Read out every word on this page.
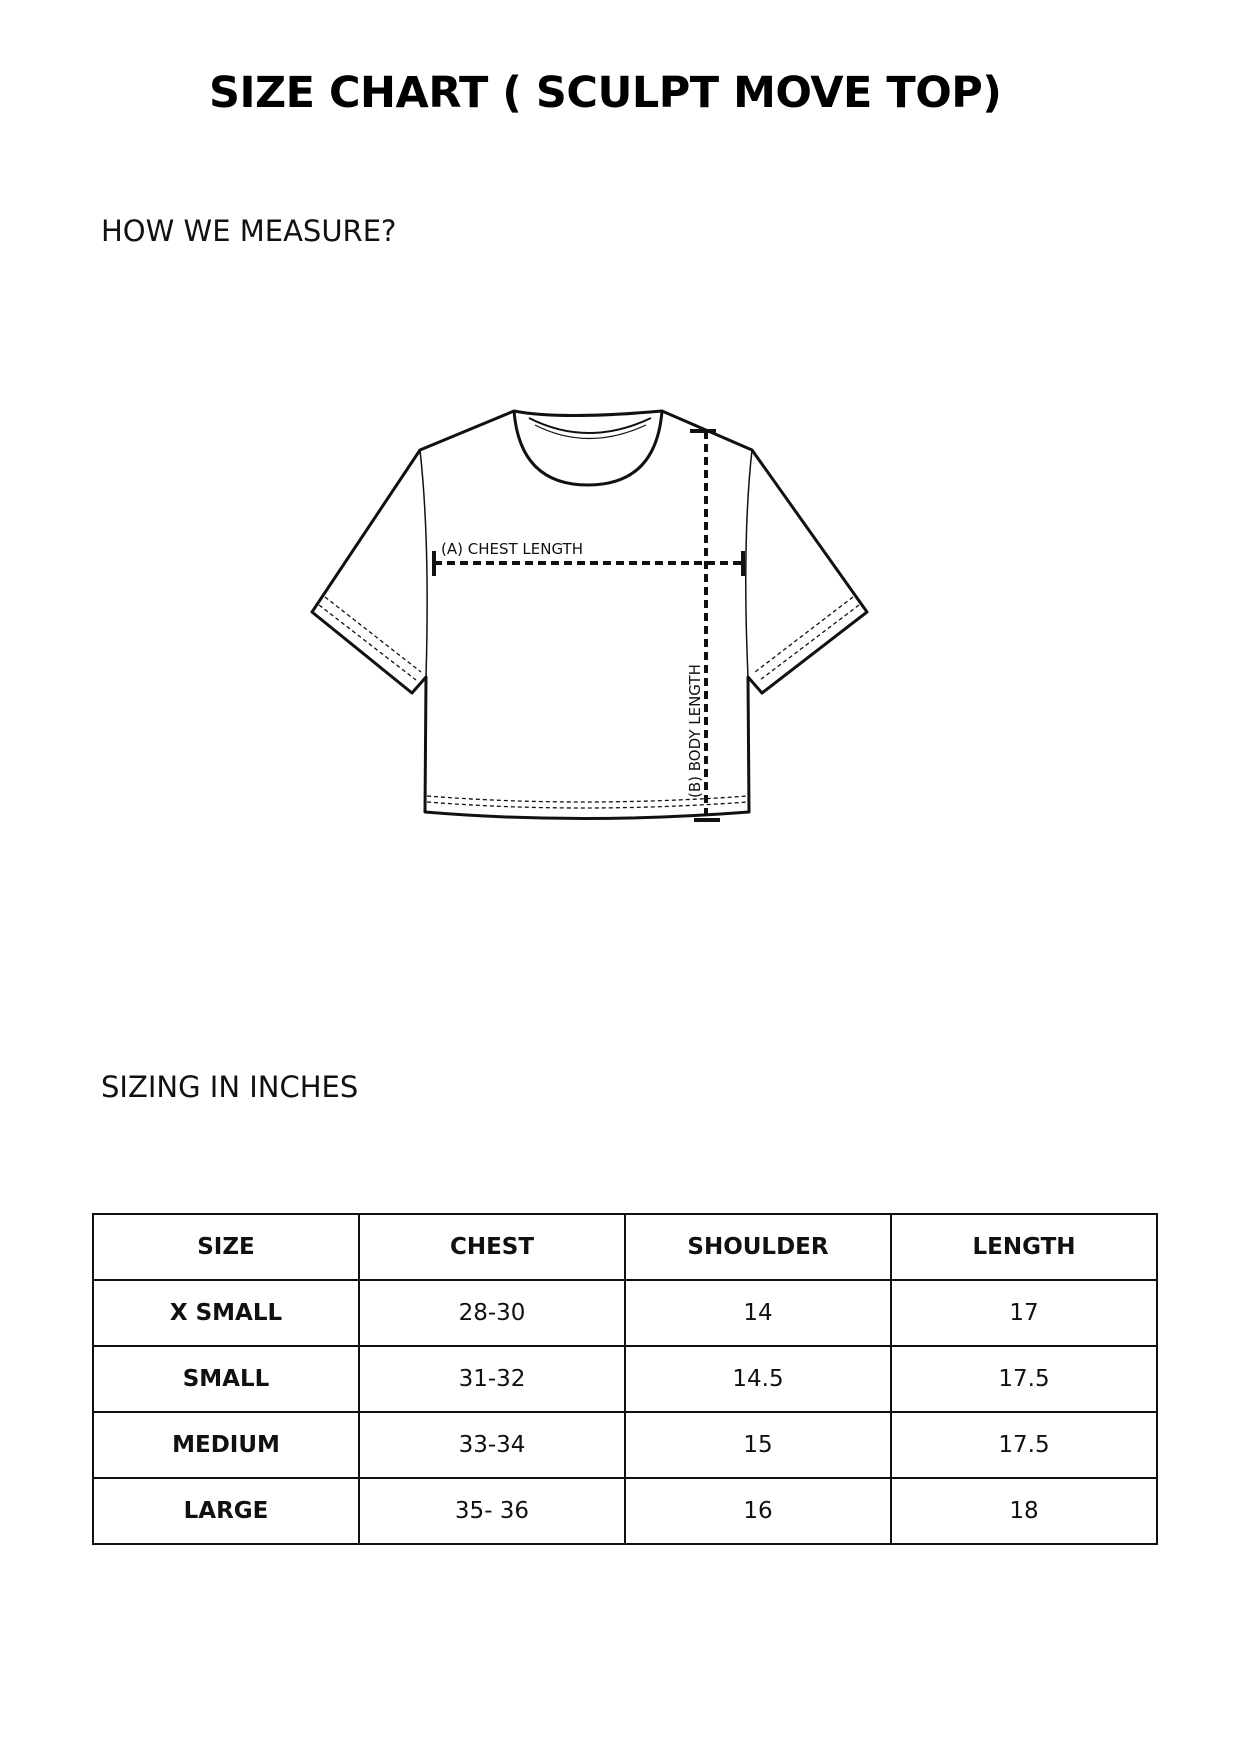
SIZE CHART ( SCULPT MOVE TOP)
HOW WE MEASURE?
(A) CHEST LENGTH
(B) BODY LENGTH
SIZING IN INCHES
SIZE	CHEST	SHOULDER	LENGTH
X SMALL	28-30	14	17
SMALL	31-32	14.5	17.5
MEDIUM	33-34	15	17.5
LARGE	35- 36	16	18
